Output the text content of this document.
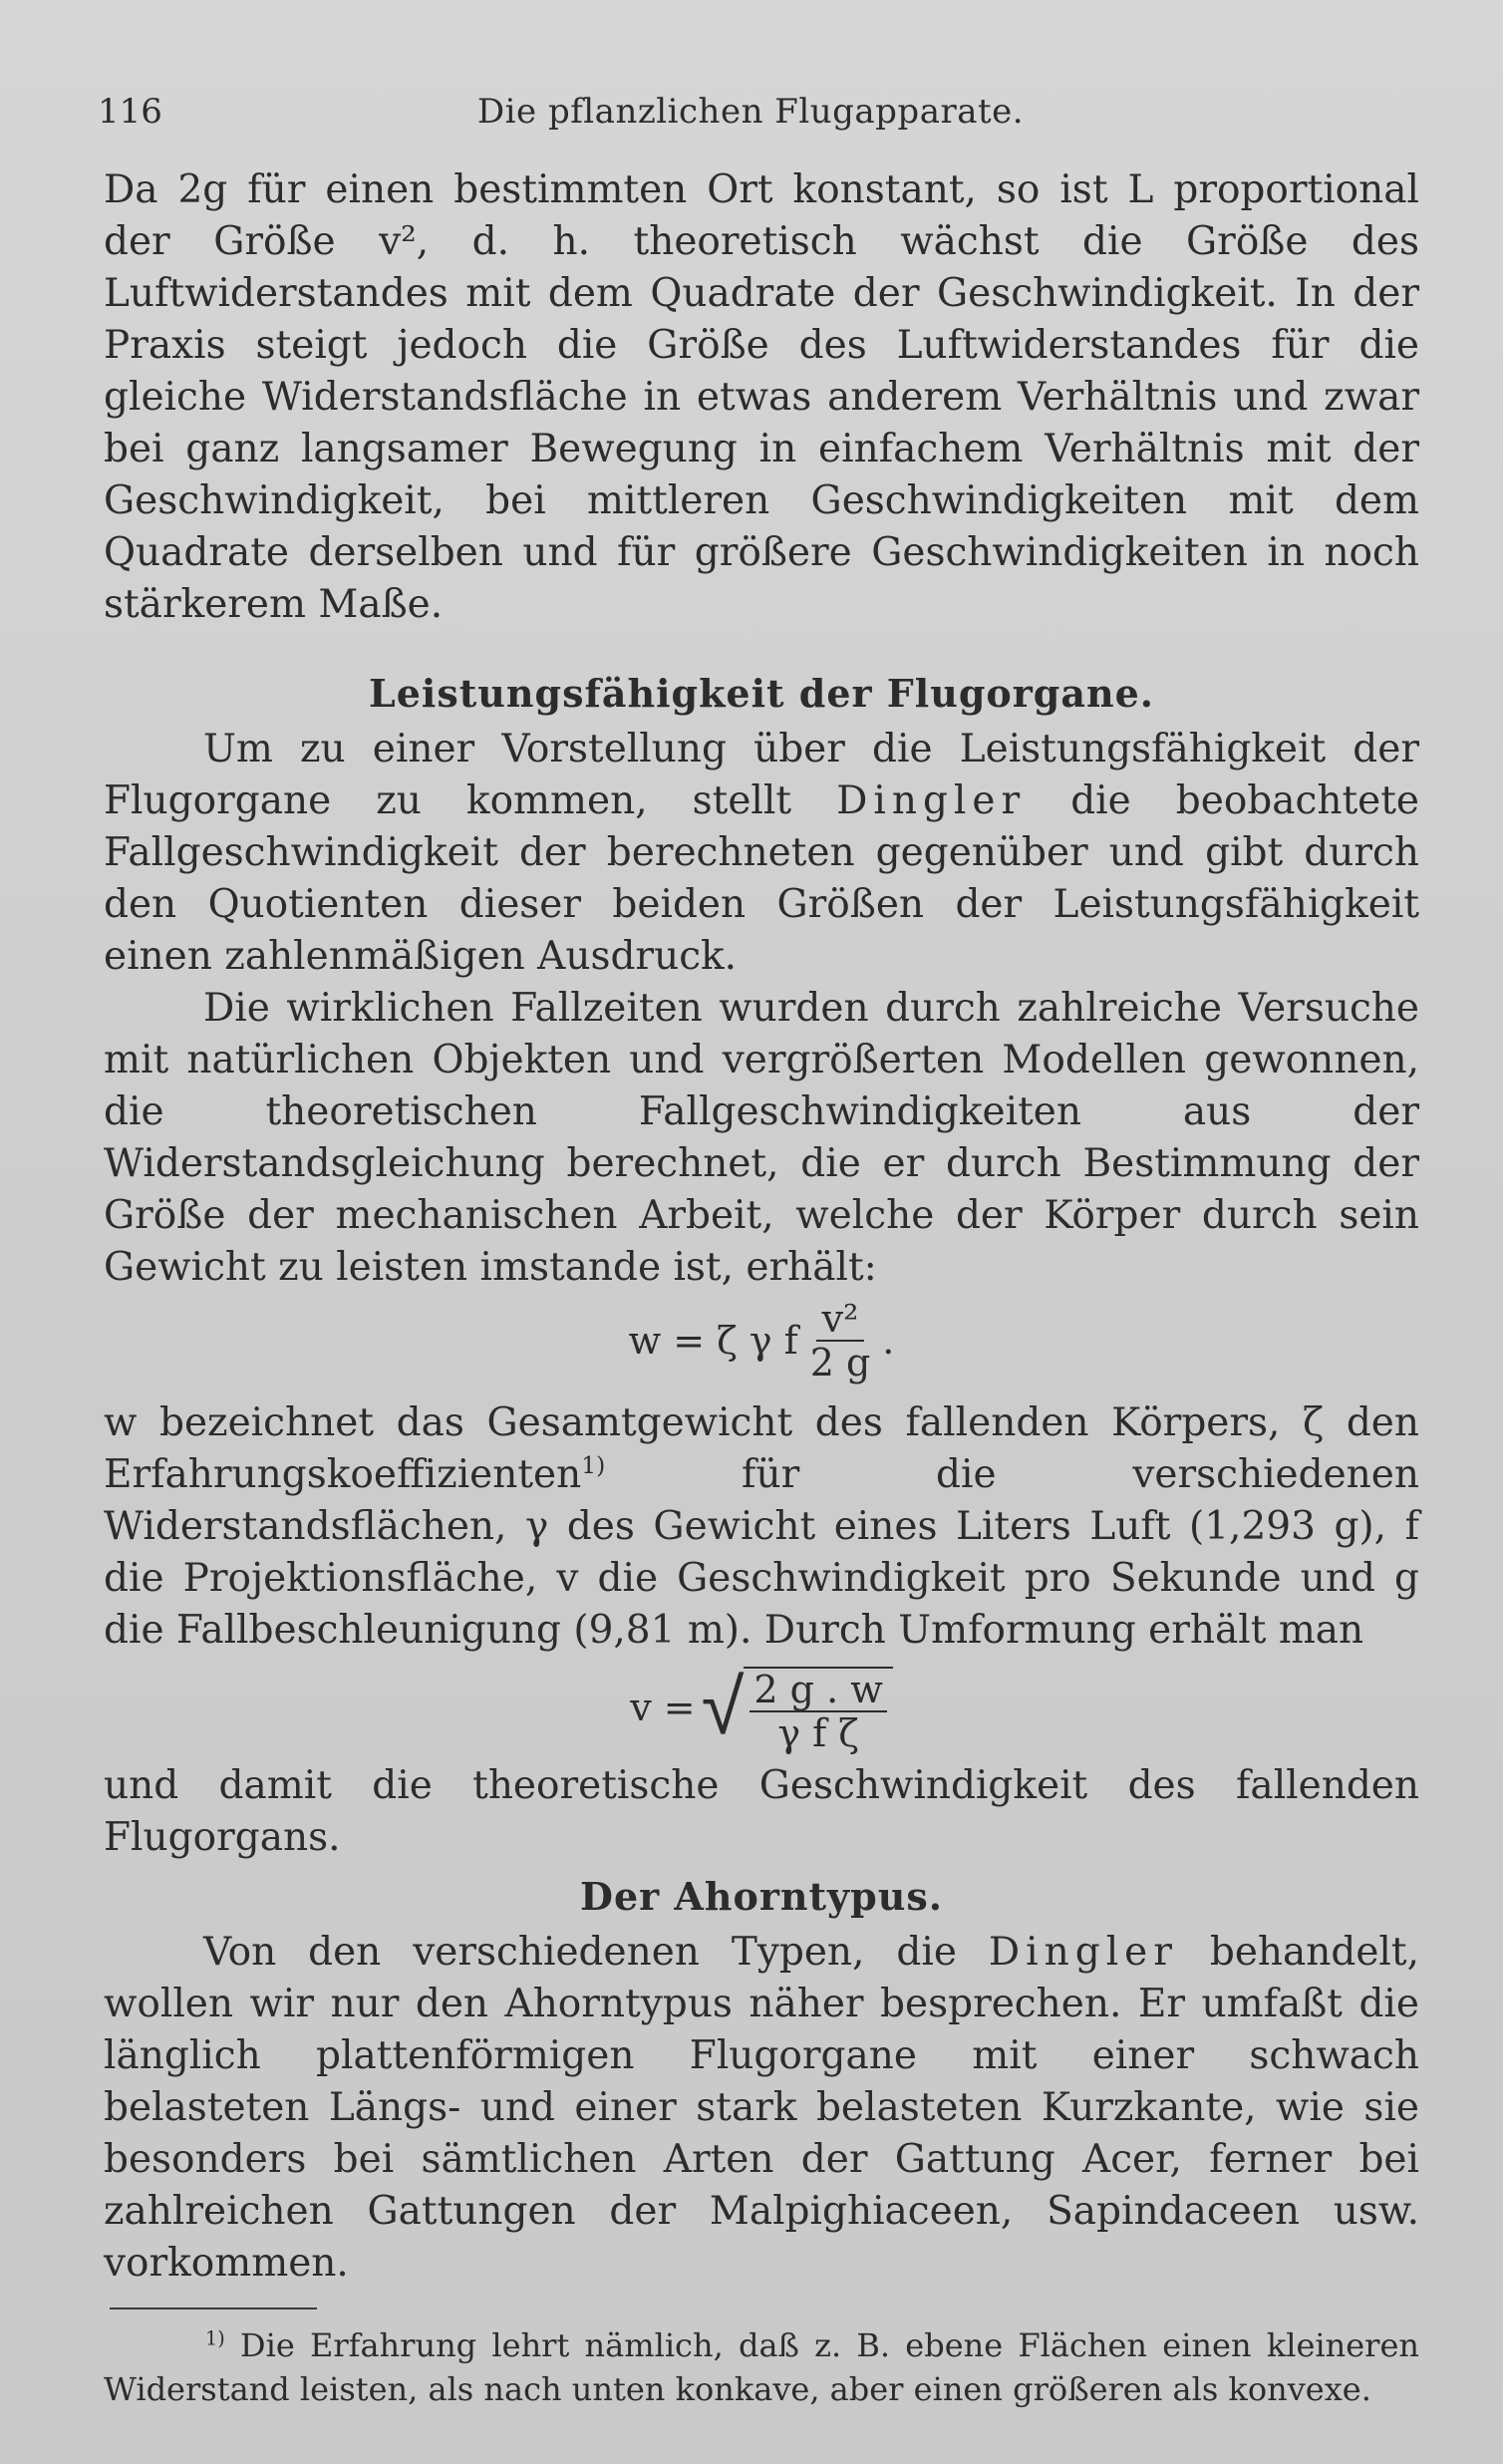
116	Die pflanzlichen Flugapparate.

Da 2g für einen bestimmten Ort konstant, so ist L proportional der Größe v², d. h. theoretisch wächst die Größe des Luftwiderstandes mit dem Quadrate der Geschwindigkeit. In der Praxis steigt jedoch die Größe des Luftwiderstandes für die gleiche Widerstandsfläche in etwas anderem Verhältnis und zwar bei ganz langsamer Bewegung in einfachem Verhältnis mit der Geschwindigkeit, bei mittleren Geschwindigkeiten mit dem Quadrate derselben und für größere Geschwindigkeiten in noch stärkerem Maße.

Leistungsfähigkeit der Flugorgane.

Um zu einer Vorstellung über die Leistungsfähigkeit der Flugorgane zu kommen, stellt Dingler die beobachtete Fallgeschwindigkeit der berechneten gegenüber und gibt durch den Quotienten dieser beiden Größen der Leistungsfähigkeit einen zahlenmäßigen Ausdruck.

Die wirklichen Fallzeiten wurden durch zahlreiche Versuche mit natürlichen Objekten und vergrößerten Modellen gewonnen, die theoretischen Fallgeschwindigkeiten aus der Widerstandsgleichung berechnet, die er durch Bestimmung der Größe der mechanischen Arbeit, welche der Körper durch sein Gewicht zu leisten imstande ist, erhält:

w = ζ γ f $\frac{\text{v²}}{2 g}$ .

w bezeichnet das Gesamtgewicht des fallenden Körpers, ζ den Erfahrungskoeffizienten$^{1)}$ für die verschiedenen Widerstandsflächen, γ des Gewicht eines Liters Luft (1,293 g), f die Projektionsfläche, v die Geschwindigkeit pro Sekunde und g die Fallbeschleunigung (9,81 m). Durch Umformung erhält man

v = √ $\frac{2 g . w}{\text{γ f ζ}}$

und damit die theoretische Geschwindigkeit des fallenden Flugorgans.

Der Ahorntypus.

Von den verschiedenen Typen, die Dingler behandelt, wollen wir nur den Ahorntypus näher besprechen. Er umfaßt die länglich plattenförmigen Flugorgane mit einer schwach belasteten Längs- und einer stark belasteten Kurzkante, wie sie besonders bei sämtlichen Arten der Gattung Acer, ferner bei zahlreichen Gattungen der Malpighiaceen, Sapindaceen usw. vorkommen.

$^{1)}$ Die Erfahrung lehrt nämlich, daß z. B. ebene Flächen einen kleineren Widerstand leisten, als nach unten konkave, aber einen größeren als konvexe.
